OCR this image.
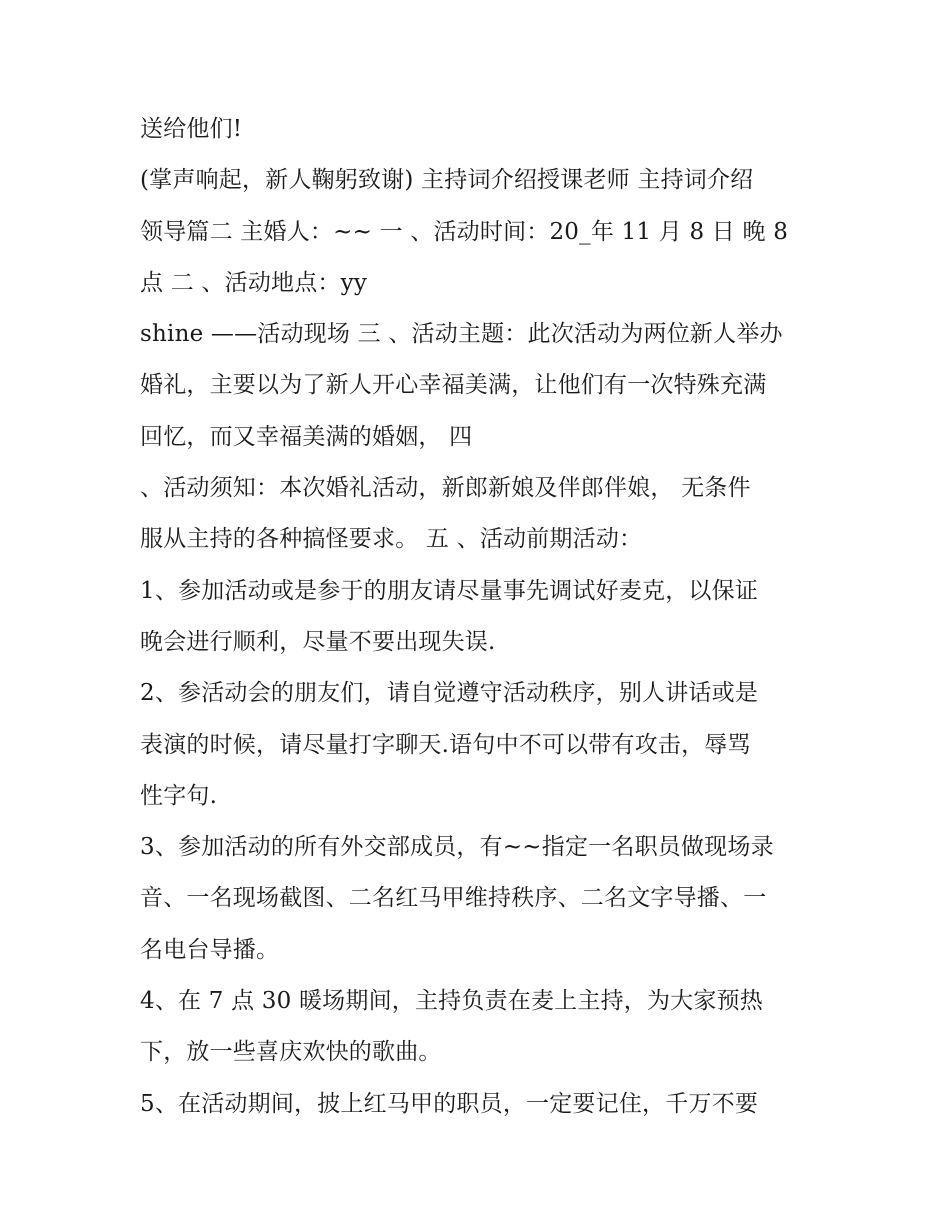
送给他们!
(掌声响起，新人鞠躬致谢) 主持词介绍授课老师 主持词介绍
领导篇二 主婚人：~~ 一 、活动时间：20_年 11 月 8 日 晚 8
点 二 、活动地点：yy
shine ——活动现场 三 、活动主题：此次活动为两位新人举办
婚礼，主要以为了新人开心幸福美满，让他们有一次特殊充满
回忆，而又幸福美满的婚姻， 四
、活动须知：本次婚礼活动，新郎新娘及伴郎伴娘， 无条件
服从主持的各种搞怪要求。 五 、活动前期活动：
1、参加活动或是参于的朋友请尽量事先调试好麦克，以保证
晚会进行顺利，尽量不要出现失误.
2、参活动会的朋友们，请自觉遵守活动秩序，别人讲话或是
表演的时候，请尽量打字聊天.语句中不可以带有攻击，辱骂
性字句.
3、参加活动的所有外交部成员，有~~指定一名职员做现场录
音、一名现场截图、二名红马甲维持秩序、二名文字导播、一
名电台导播。
4、在 7 点 30 暖场期间，主持负责在麦上主持，为大家预热
下，放一些喜庆欢快的歌曲。
5、在活动期间，披上红马甲的职员，一定要记住，千万不要
